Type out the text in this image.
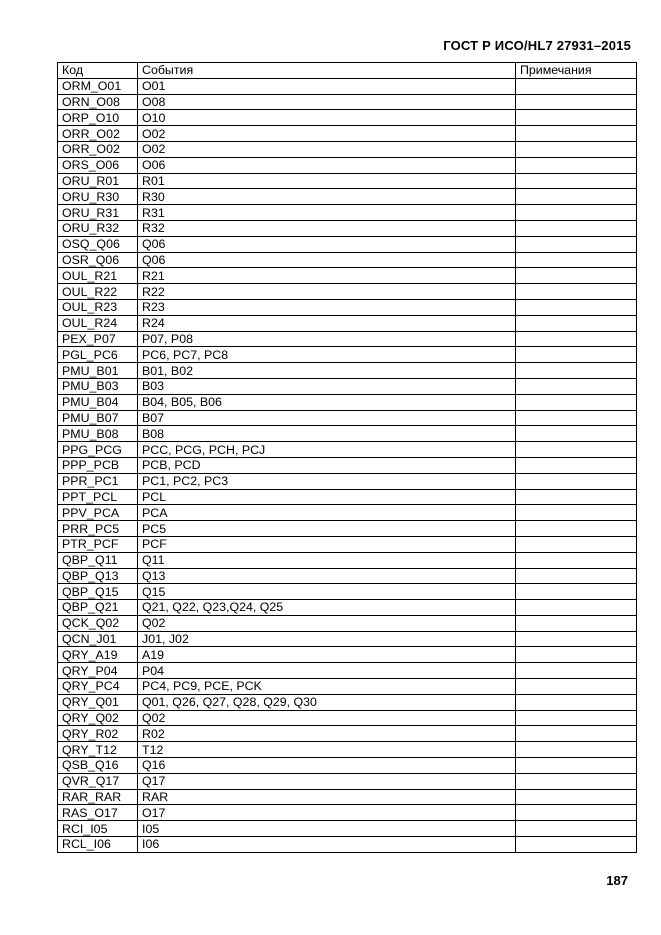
ГОСТ Р ИСО/HL7 27931–2015
Код	События	Примечания
ORM_O01	O01	
ORN_O08	O08	
ORP_O10	O10	
ORR_O02	O02	
ORR_O02	O02	
ORS_O06	O06	
ORU_R01	R01	
ORU_R30	R30	
ORU_R31	R31	
ORU_R32	R32	
OSQ_Q06	Q06	
OSR_Q06	Q06	
OUL_R21	R21	
OUL_R22	R22	
OUL_R23	R23	
OUL_R24	R24	
PEX_P07	P07, P08	
PGL_PC6	PC6, PC7, PC8	
PMU_B01	B01, B02	
PMU_B03	B03	
PMU_B04	B04, B05, B06	
PMU_B07	B07	
PMU_B08	B08	
PPG_PCG	PCC, PCG, PCH, PCJ	
PPP_PCB	PCB, PCD	
PPR_PC1	PC1, PC2, PC3	
PPT_PCL	PCL	
PPV_PCA	PCA	
PRR_PC5	PC5	
PTR_PCF	PCF	
QBP_Q11	Q11	
QBP_Q13	Q13	
QBP_Q15	Q15	
QBP_Q21	Q21, Q22, Q23,Q24, Q25	
QCK_Q02	Q02	
QCN_J01	J01, J02	
QRY_A19	A19	
QRY_P04	P04	
QRY_PC4	PC4, PC9, PCE, PCK	
QRY_Q01	Q01, Q26, Q27, Q28, Q29, Q30	
QRY_Q02	Q02	
QRY_R02	R02	
QRY_T12	T12	
QSB_Q16	Q16	
QVR_Q17	Q17	
RAR_RAR	RAR	
RAS_O17	O17	
RCI_I05	I05	
RCL_I06	I06	
187
